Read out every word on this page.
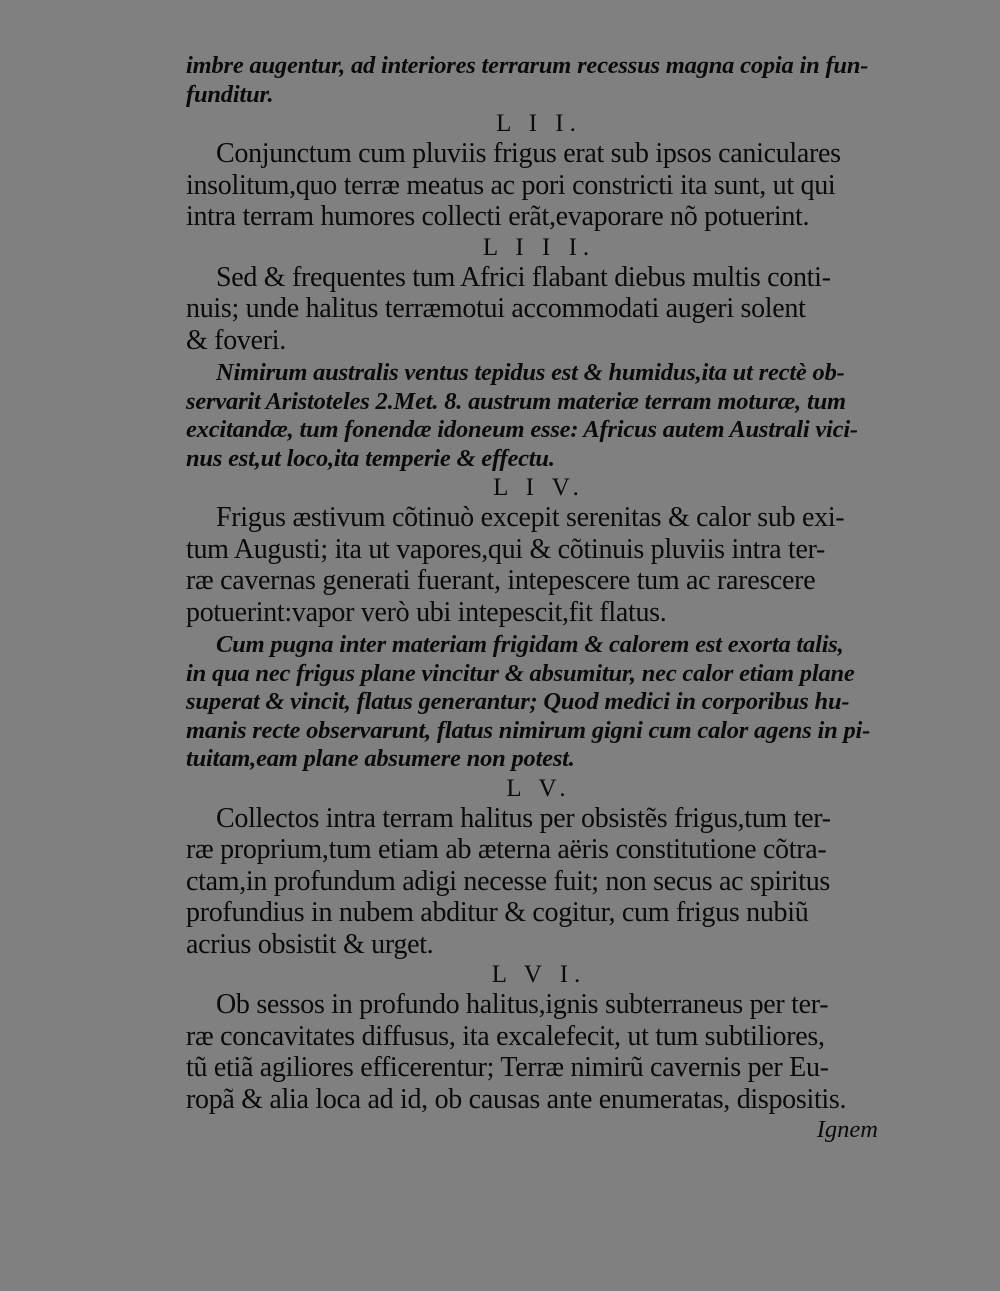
imbre augentur, ad interiores terrarum recessus magna copia in fun-
funditur.
L I I.
Conjunctum cum pluviis frigus erat sub ipsos caniculares
insolitum,quo terræ meatus ac pori constricti ita sunt, ut qui
intra terram humores collecti erãt,evaporare nõ potuerint.
L I I I.
Sed & frequentes tum Africi flabant diebus multis conti-
nuis; unde halitus terræmotui accommodati augeri solent
& foveri.
Nimirum australis ventus tepidus est & humidus,ita ut rectè ob-
servarit Aristoteles 2.Met. 8. austrum materiæ terram moturæ, tum
excitandæ, tum fonendæ idoneum esse: Africus autem Australi vici-
nus est,ut loco,ita temperie & effectu.
L I V.
Frigus æstivum cõtinuò excepit serenitas & calor sub exi-
tum Augusti; ita ut vapores,qui & cõtinuis pluviis intra ter-
ræ cavernas generati fuerant, intepescere tum ac rarescere
potuerint:vapor verò ubi intepescit,fit flatus.
Cum pugna inter materiam frigidam & calorem est exorta talis,
in qua nec frigus plane vincitur & absumitur, nec calor etiam plane
superat & vincit, flatus generantur; Quod medici in corporibus hu-
manis recte observarunt, flatus nimirum gigni cum calor agens in pi-
tuitam,eam plane absumere non potest.
L V.
Collectos intra terram halitus per obsistẽs frigus,tum ter-
ræ proprium,tum etiam ab æterna aëris constitutione cõtra-
ctam,in profundum adigi necesse fuit; non secus ac spiritus
profundius in nubem abditur & cogitur, cum frigus nubiũ
acrius obsistit & urget.
L V I.
Ob sessos in profundo halitus,ignis subterraneus per ter-
ræ concavitates diffusus, ita excalefecit, ut tum subtiliores,
tũ etiã agiliores efficerentur; Terræ nimirũ cavernis per Eu-
ropã & alia loca ad id, ob causas ante enumeratas, dispositis.
Ignem
